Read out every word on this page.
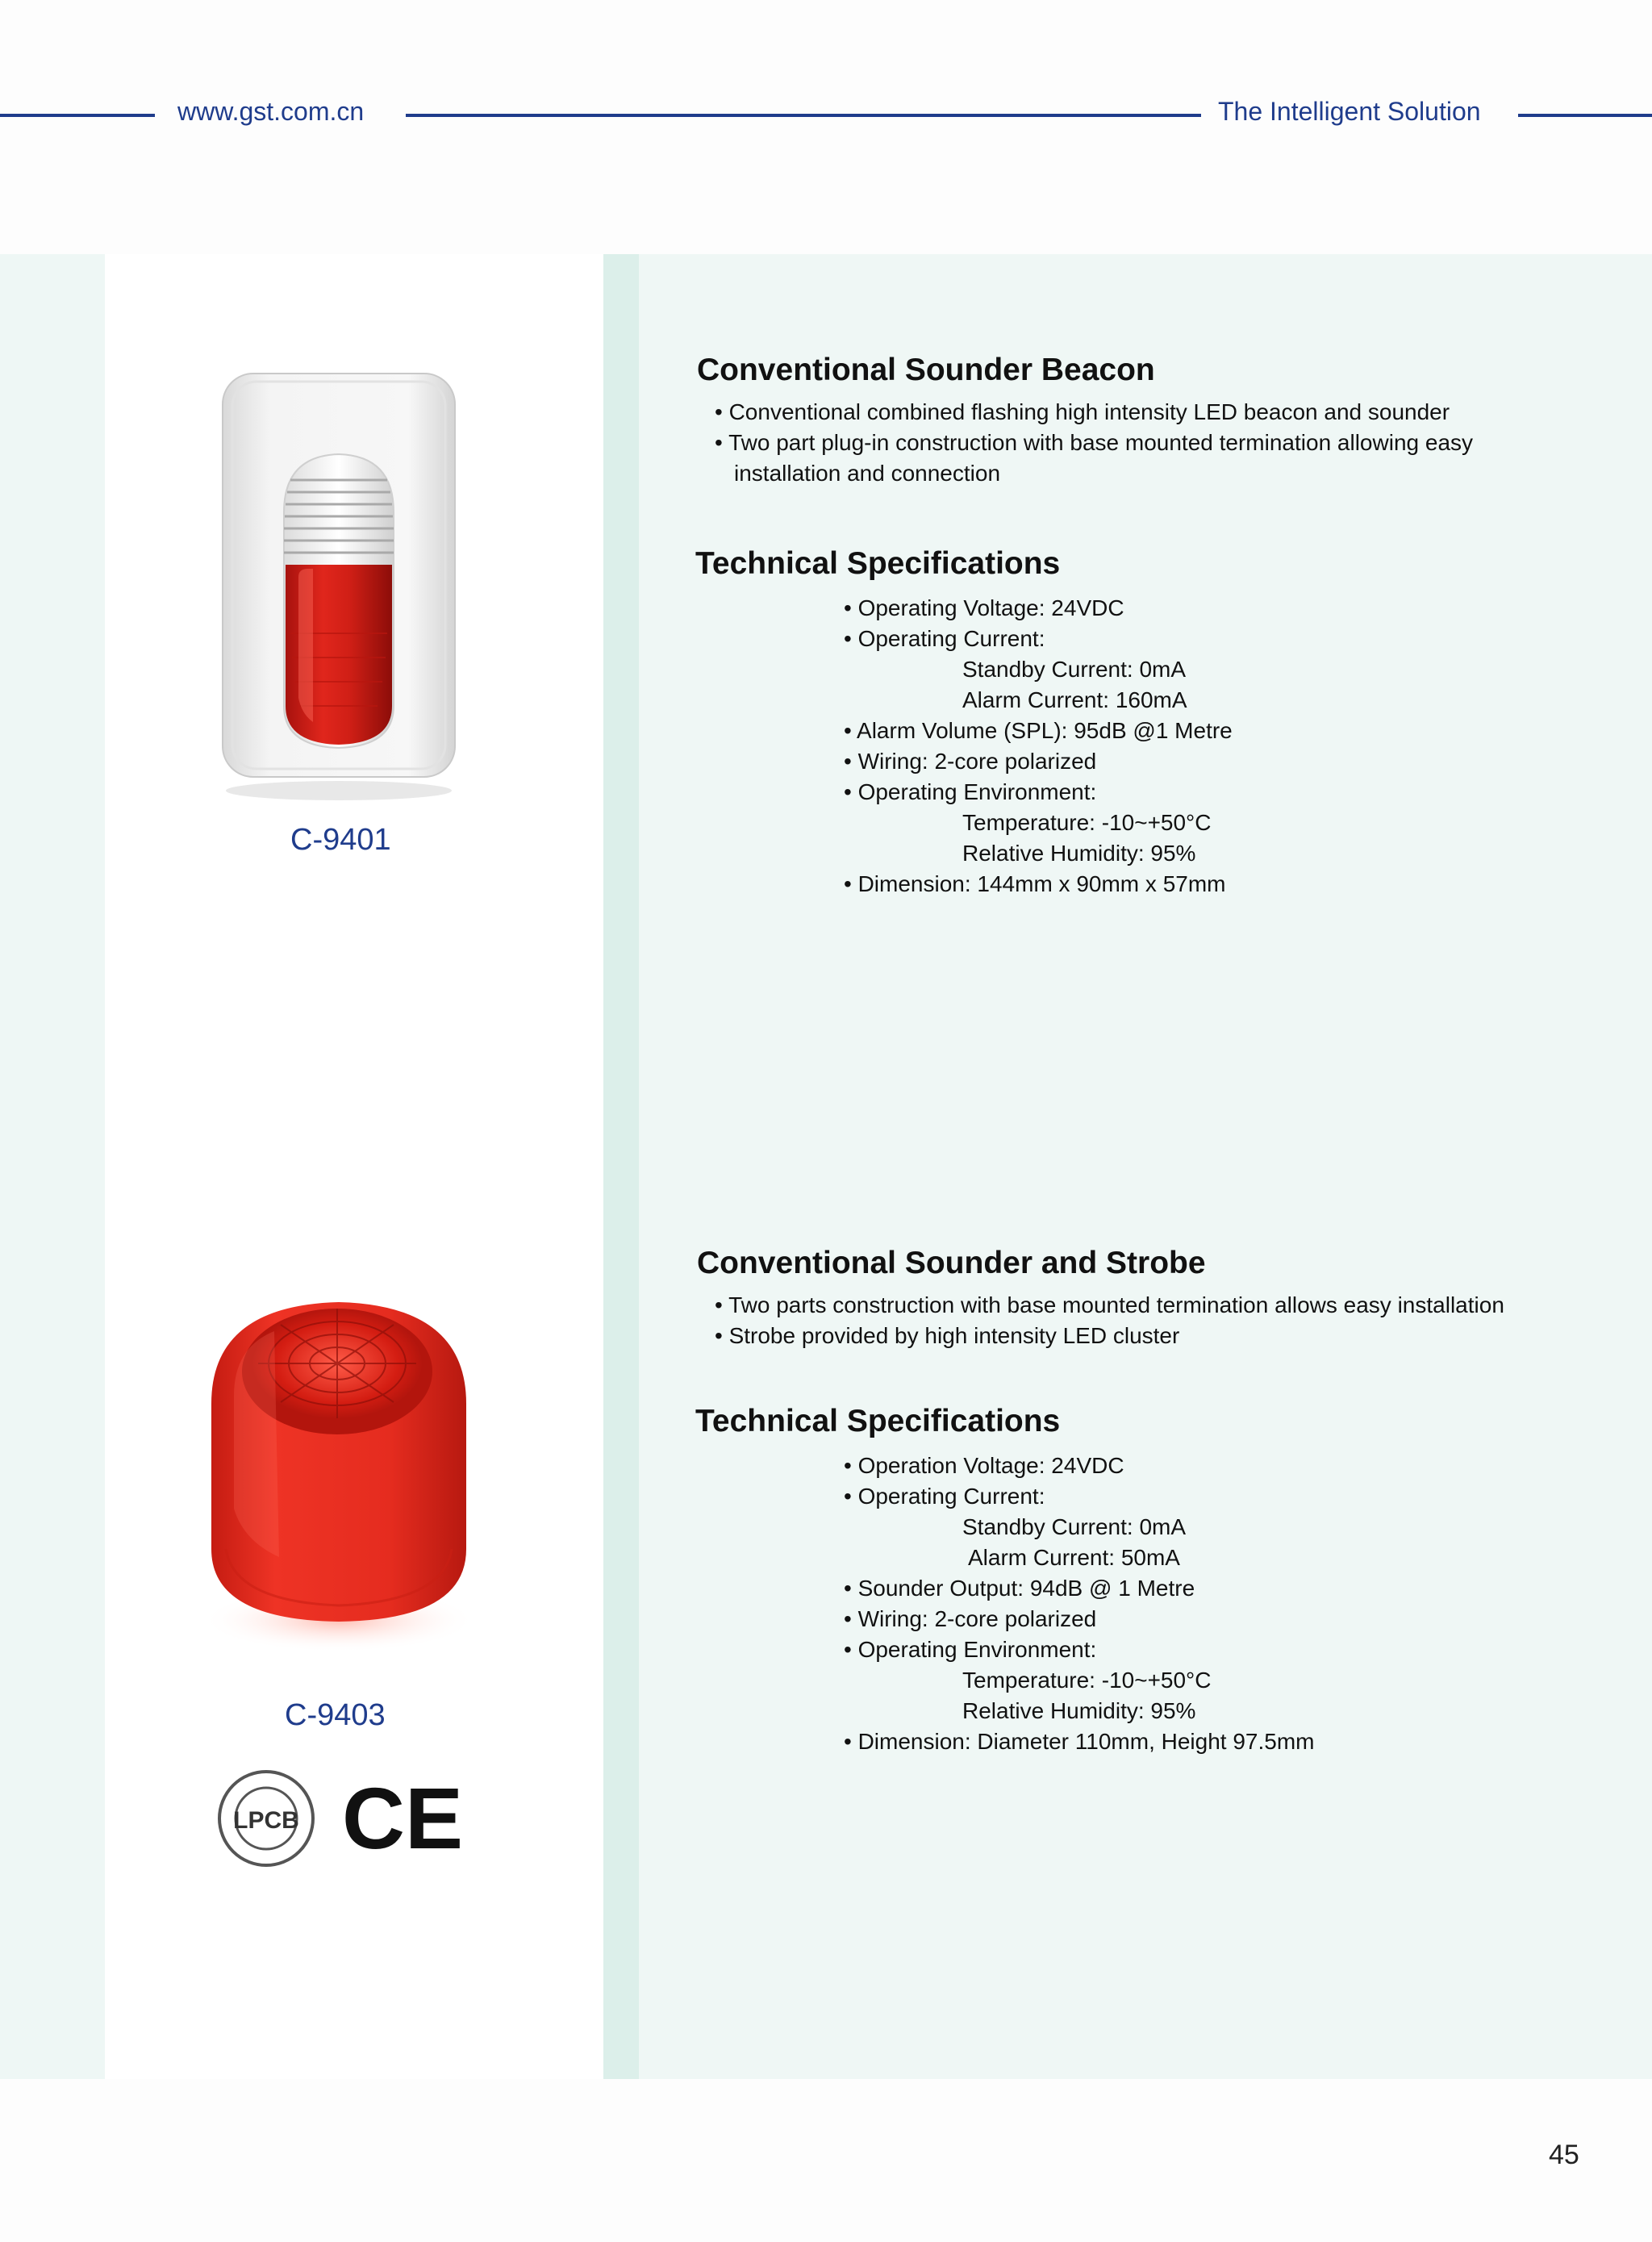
www.gst.com.cn	The Intelligent Solution
C-9401
C-9403
LPCB CE
Conventional Sounder Beacon
• Conventional combined flashing high intensity LED beacon and sounder
• Two part plug-in construction with base mounted termination allowing easy
installation and connection
Technical Specifications
• Operating Voltage: 24VDC
• Operating Current:
Standby Current: 0mA
Alarm Current: 160mA
• Alarm Volume (SPL): 95dB @1 Metre
• Wiring: 2-core polarized
• Operating Environment:
Temperature: -10~+50°C
Relative Humidity: 95%
• Dimension: 144mm x 90mm x 57mm
Conventional Sounder and Strobe
• Two parts construction with base mounted termination allows easy installation
• Strobe provided by high intensity LED cluster
Technical Specifications
• Operation Voltage: 24VDC
• Operating Current:
Standby Current: 0mA
Alarm Current: 50mA
• Sounder Output: 94dB @ 1 Metre
• Wiring: 2-core polarized
• Operating Environment:
Temperature: -10~+50°C
Relative Humidity: 95%
• Dimension: Diameter 110mm, Height 97.5mm
45
